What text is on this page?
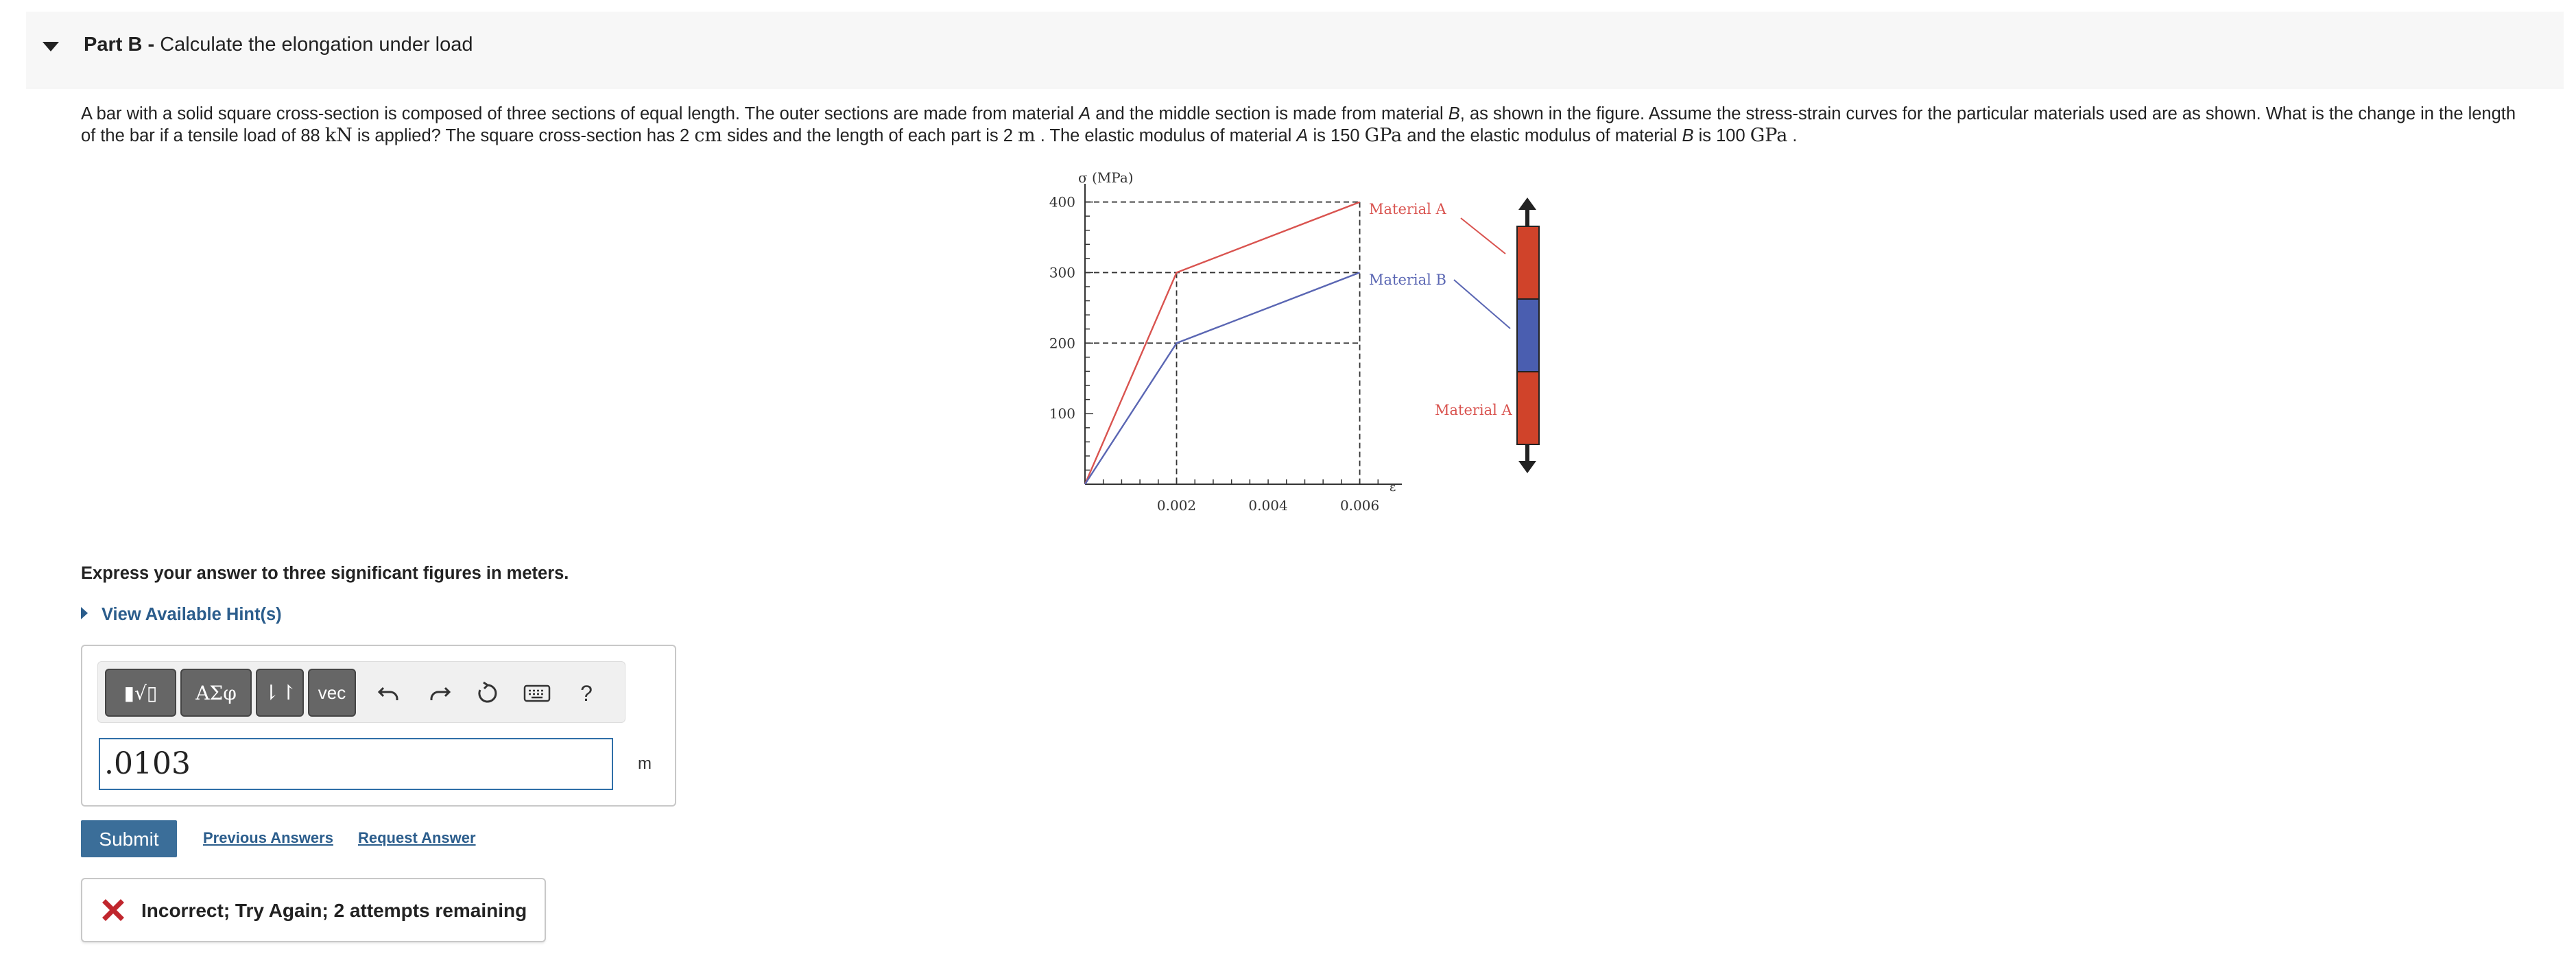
Part B - Calculate the elongation under load
A bar with a solid square cross-section is composed of three sections of equal length. The outer sections are made from material A and the middle section is made from material B, as shown in the figure. Assume the stress-strain curves for the particular materials used are as shown. What is the change in the length of the bar if a tensile load of 88 kN is applied? The square cross-section has 2 cm sides and the length of each part is 2 m . The elastic modulus of material A is 150 GPa and the elastic modulus of material B is 100 GPa .
σ (MPa)
ε
400
300
200
100
0.002	0.004	0.006
Material A
Material B
Material A
Express your answer to three significant figures in meters.
View Available Hint(s)
▮√▯	ΑΣφ	⇂↾	vec	?
.0103	m
Submit	Previous Answers Request Answer
Incorrect; Try Again; 2 attempts remaining
